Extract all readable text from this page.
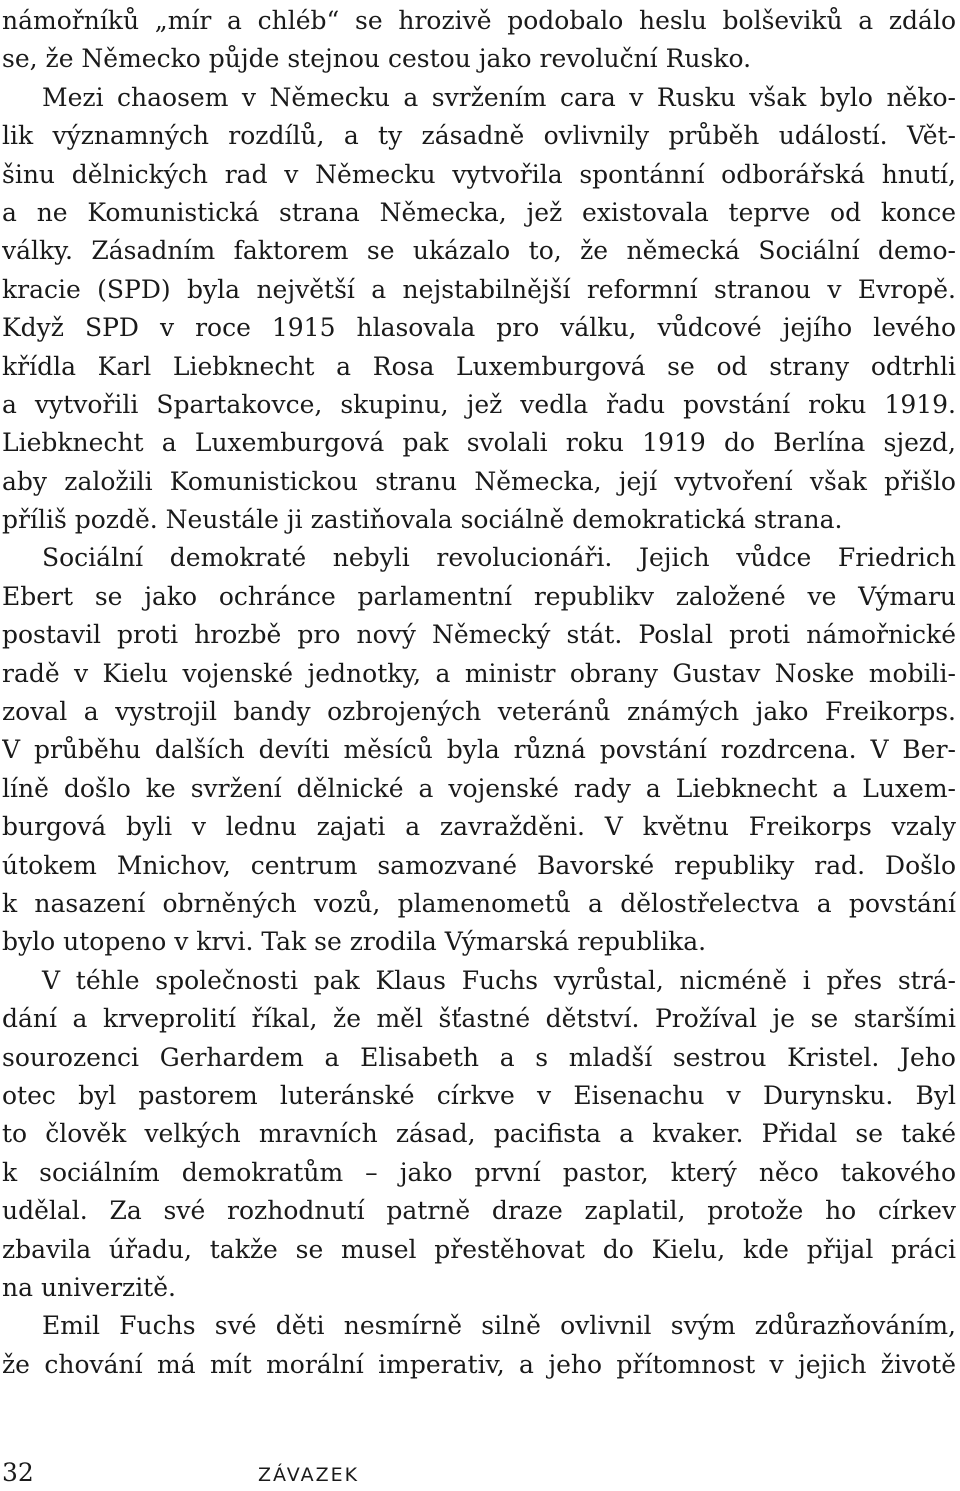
námořníků „mír a chléb“ se hrozivě podobalo heslu bolševiků a zdálo
se, že Německo půjde stejnou cestou jako revoluční Rusko.
Mezi chaosem v Německu a svržením cara v Rusku však bylo něko-
lik významných rozdílů, a ty zásadně ovlivnily průběh událostí. Vět-
šinu dělnických rad v Německu vytvořila spontánní odborářská hnutí,
a ne Komunistická strana Německa, jež existovala teprve od konce
války. Zásadním faktorem se ukázalo to, že německá Sociální demo-
kracie (SPD) byla největší a nejstabilnější reformní stranou v Evropě.
Když SPD v roce 1915 hlasovala pro válku, vůdcové jejího levého
křídla Karl Liebknecht a Rosa Luxemburgová se od strany odtrhli
a vytvořili Spartakovce, skupinu, jež vedla řadu povstání roku 1919.
Liebknecht a Luxemburgová pak svolali roku 1919 do Berlína sjezd,
aby založili Komunistickou stranu Německa, její vytvoření však přišlo
příliš pozdě. Neustále ji zastiňovala sociálně demokratická strana.
Sociální demokraté nebyli revolucionáři. Jejich vůdce Friedrich
Ebert se jako ochránce parlamentní republikv založené ve Výmaru
postavil proti hrozbě pro nový Německý stát. Poslal proti námořnické
radě v Kielu vojenské jednotky, a ministr obrany Gustav Noske mobili-
zoval a vystrojil bandy ozbrojených veteránů známých jako Freikorps.
V průběhu dalších devíti měsíců byla různá povstání rozdrcena. V Ber-
líně došlo ke svržení dělnické a vojenské rady a Liebknecht a Luxem-
burgová byli v lednu zajati a zavražděni. V květnu Freikorps vzaly
útokem Mnichov, centrum samozvané Bavorské republiky rad. Došlo
k nasazení obrněných vozů, plamenometů a dělostřelectva a povstání
bylo utopeno v krvi. Tak se zrodila Výmarská republika.
V téhle společnosti pak Klaus Fuchs vyrůstal, nicméně i přes strá-
dání a krveprolití říkal, že měl šťastné dětství. Prožíval je se staršími
sourozenci Gerhardem a Elisabeth a s mladší sestrou Kristel. Jeho
otec byl pastorem luteránské církve v Eisenachu v Durynsku. Byl
to člověk velkých mravních zásad, pacifista a kvaker. Přidal se také
k sociálním demokratům – jako první pastor, který něco takového
udělal. Za své rozhodnutí patrně draze zaplatil, protože ho církev
zbavila úřadu, takže se musel přestěhovat do Kielu, kde přijal práci
na univerzitě.
Emil Fuchs své děti nesmírně silně ovlivnil svým zdůrazňováním,
že chování má mít morální imperativ, a jeho přítomnost v jejich životě
32	ZÁVAZEK
